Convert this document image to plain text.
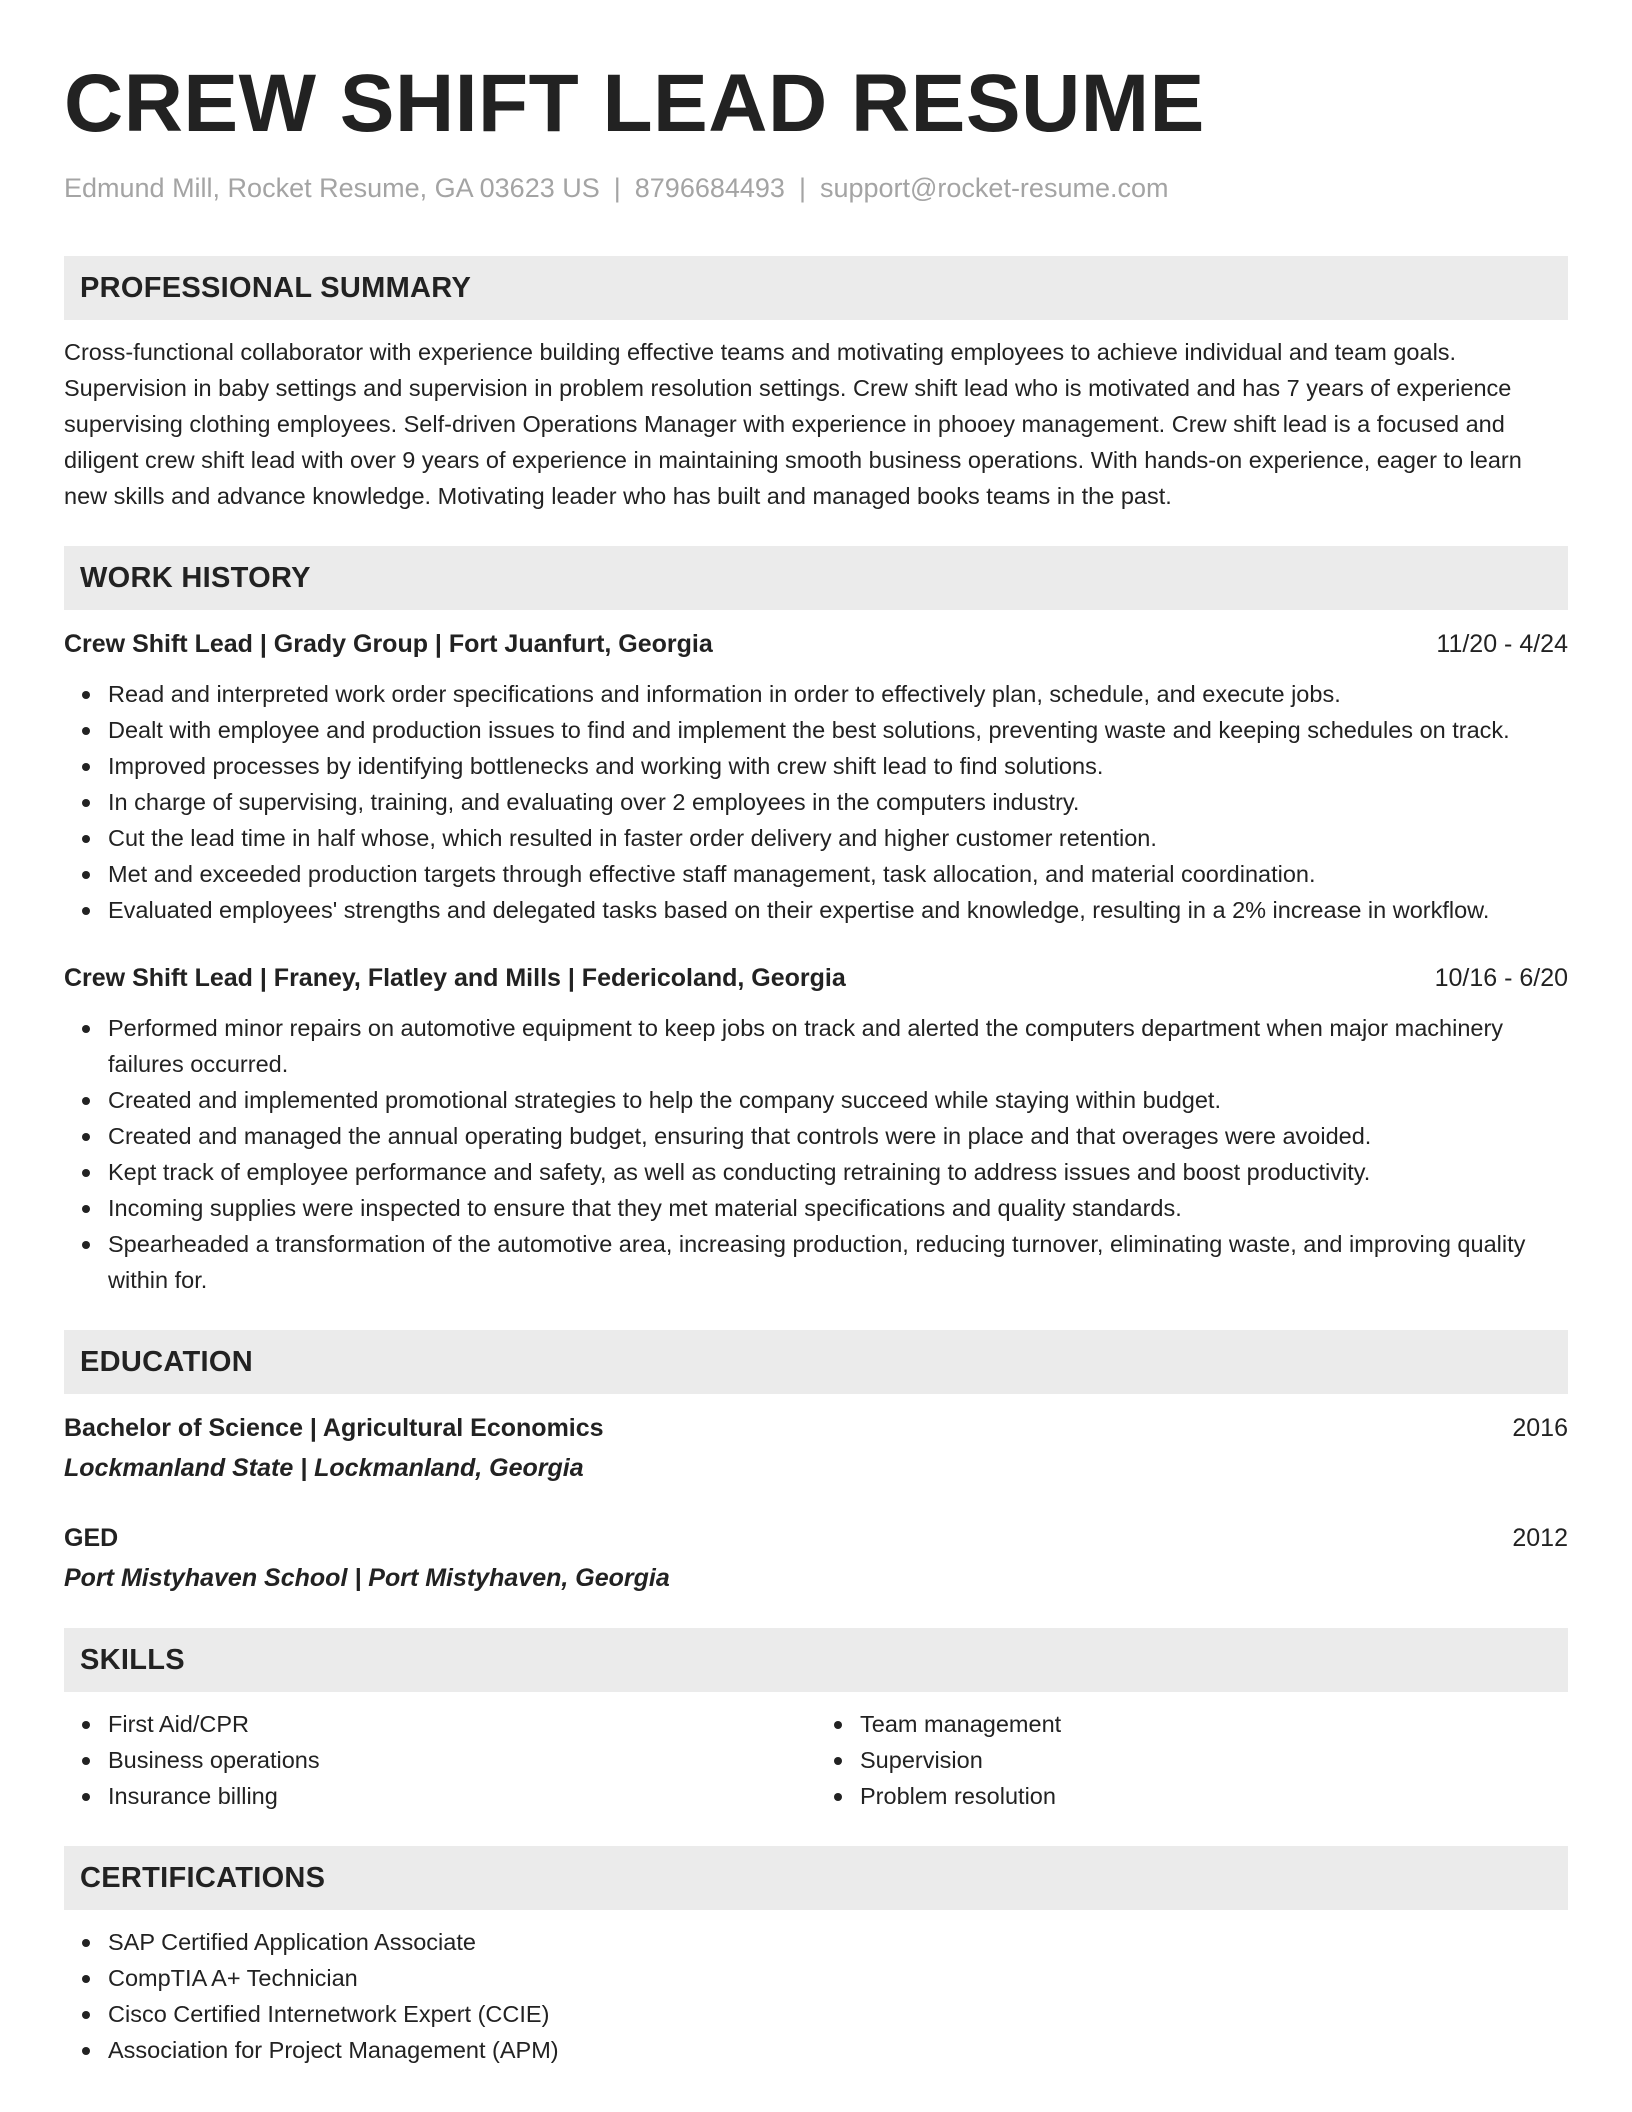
CREW SHIFT LEAD RESUME
Edmund Mill, Rocket Resume, GA 03623 US | 8796684493 | support@rocket-resume.com
PROFESSIONAL SUMMARY

Cross-functional collaborator with experience building effective teams and motivating employees to achieve individual and team goals. Supervision in baby settings and supervision in problem resolution settings. Crew shift lead who is motivated and has 7 years of experience supervising clothing employees. Self-driven Operations Manager with experience in phooey management. Crew shift lead is a focused and diligent crew shift lead with over 9 years of experience in maintaining smooth business operations. With hands-on experience, eager to learn new skills and advance knowledge. Motivating leader who has built and managed books teams in the past.

WORK HISTORY
Crew Shift Lead | Grady Group | Fort Juanfurt, Georgia	11/20 - 4/24
Read and interpreted work order specifications and information in order to effectively plan, schedule, and execute jobs.
Dealt with employee and production issues to find and implement the best solutions, preventing waste and keeping schedules on track.
Improved processes by identifying bottlenecks and working with crew shift lead to find solutions.
In charge of supervising, training, and evaluating over 2 employees in the computers industry.
Cut the lead time in half whose, which resulted in faster order delivery and higher customer retention.
Met and exceeded production targets through effective staff management, task allocation, and material coordination.
Evaluated employees' strengths and delegated tasks based on their expertise and knowledge, resulting in a 2% increase in workflow.
Crew Shift Lead | Franey, Flatley and Mills | Federicoland, Georgia	10/16 - 6/20
Performed minor repairs on automotive equipment to keep jobs on track and alerted the computers department when major machinery failures occurred.
Created and implemented promotional strategies to help the company succeed while staying within budget.
Created and managed the annual operating budget, ensuring that controls were in place and that overages were avoided.
Kept track of employee performance and safety, as well as conducting retraining to address issues and boost productivity.
Incoming supplies were inspected to ensure that they met material specifications and quality standards.
Spearheaded a transformation of the automotive area, increasing production, reducing turnover, eliminating waste, and improving quality within for.
EDUCATION
Bachelor of Science | Agricultural Economics	2016
Lockmanland State | Lockmanland, Georgia
GED	2012
Port Mistyhaven School | Port Mistyhaven, Georgia
SKILLS
First Aid/CPR
Business operations
Insurance billing
Team management
Supervision
Problem resolution
CERTIFICATIONS
SAP Certified Application Associate
CompTIA A+ Technician
Cisco Certified Internetwork Expert (CCIE)
Association for Project Management (APM)
